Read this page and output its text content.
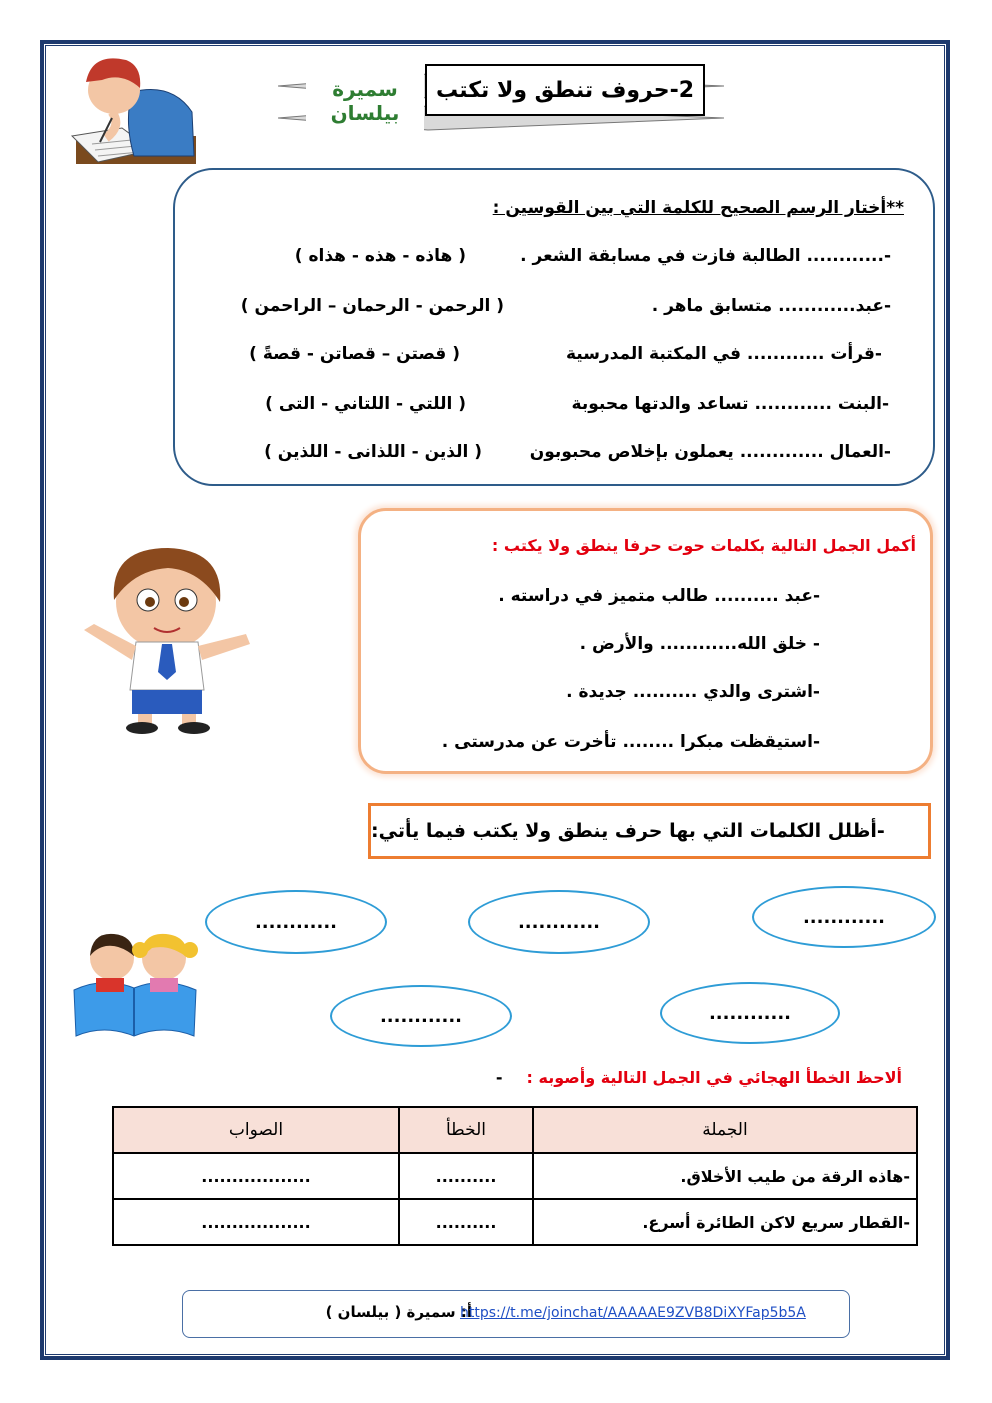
سميرة بيلسان
2-حروف تنطق ولا تكتب
**أختار الرسم الصحيح للكلمة التي بين القوسين :
-............ الطالبة فازت في مسابقة الشعر .
( هاذه - هذه - هذاه )
-عبد............ متسابق ماهر .
( الرحمن - الرحمان – الراحمن )
-قرأت ............ في المكتبة المدرسية
( قصتن – قصاتن - قصةً )
-البنت ............ تساعد والدتها محبوبة
( اللتي - اللتاني - التى )
-العمال ............. يعملون بإخلاص محبوبون
( الذين - اللذانى - اللذين )
أكمل الجمل التالية بكلمات حوت حرفا ينطق ولا يكتب :
-عبد .......... طالب متميز في دراسته .
- خلق الله............ والأرض .
-اشترى والدي .......... جديدة .
-استيقظت مبكرا ........ تأخرت عن مدرستى .
-أظلل الكلمات التي بها حرف ينطق ولا يكتب فيما يأتي:
............
............
............
............	............
ألاحظ الخطأ الهجائي في الجمل التالية وأصوبه :-
الجملة	الخطأ	الصواب
-هاذه الرقة من طيب الأخلاق.	..........	..................
-القطار سريع لاكن الطائرة أسرع.	..........	..................
أ: سميرة ( بيلسان )
https://t.me/joinchat/AAAAAE9ZVB8DiXYFap5b5A
